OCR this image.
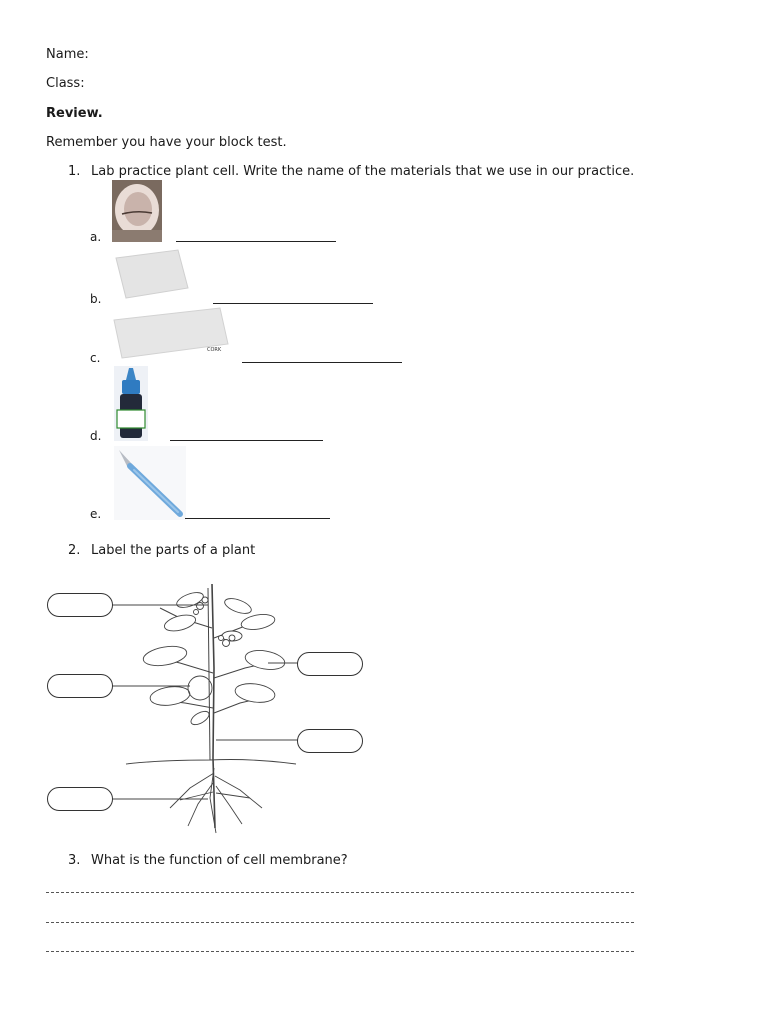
Name:
Class:
Review.
Remember you have your block test.
1. Lab practice plant cell. Write the name of the materials that we use in our practice.
a.
b.
c.
CORK
d.
e.
2. Label the parts of a plant
3. What is the function of cell membrane?
